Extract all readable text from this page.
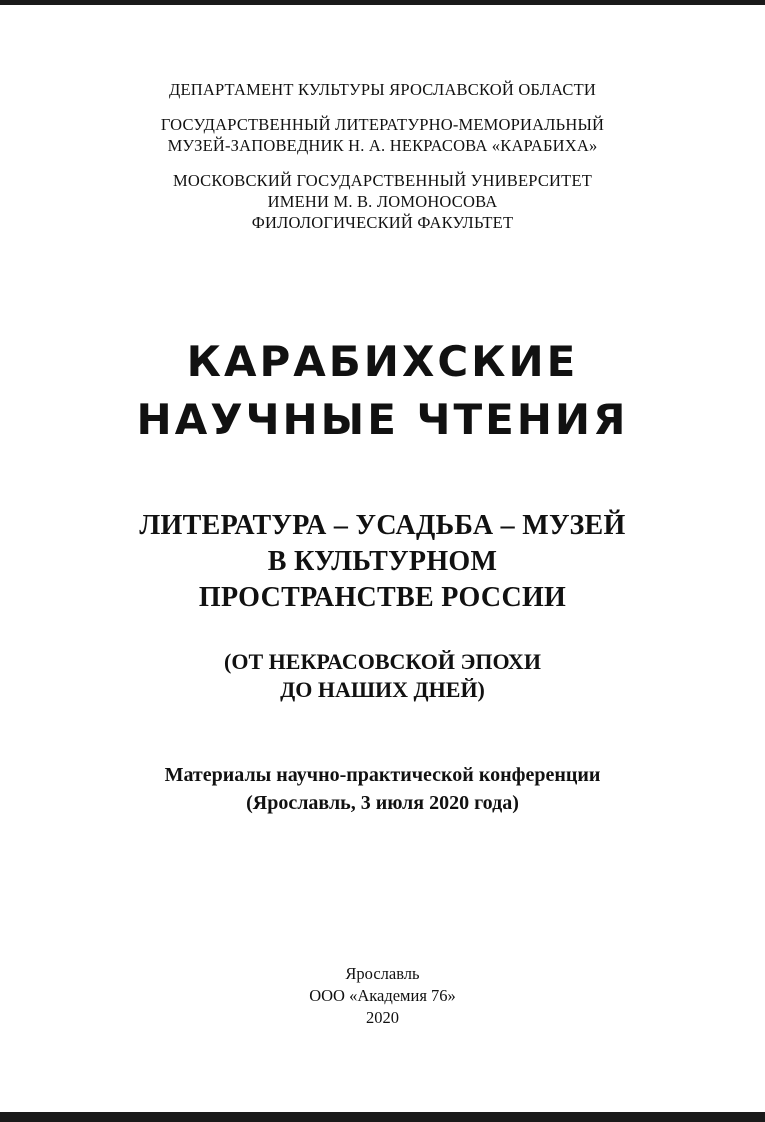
ДЕПАРТАМЕНТ КУЛЬТУРЫ ЯРОСЛАВСКОЙ ОБЛАСТИ
ГОСУДАРСТВЕННЫЙ ЛИТЕРАТУРНО-МЕМОРИАЛЬНЫЙ
МУЗЕЙ-ЗАПОВЕДНИК Н. А. НЕКРАСОВА «КАРАБИХА»
МОСКОВСКИЙ ГОСУДАРСТВЕННЫЙ УНИВЕРСИТЕТ
ИМЕНИ М. В. ЛОМОНОСОВА
ФИЛОЛОГИЧЕСКИЙ ФАКУЛЬТЕТ
КАРАБИХСКИЕ
НАУЧНЫЕ ЧТЕНИЯ
ЛИТЕРАТУРА – УСАДЬБА – МУЗЕЙ
В КУЛЬТУРНОМ
ПРОСТРАНСТВЕ РОССИИ
(ОТ НЕКРАСОВСКОЙ ЭПОХИ
ДО НАШИХ ДНЕЙ)
Материалы научно-практической конференции
(Ярославль, 3 июля 2020 года)
Ярославль
ООО «Академия 76»
2020
